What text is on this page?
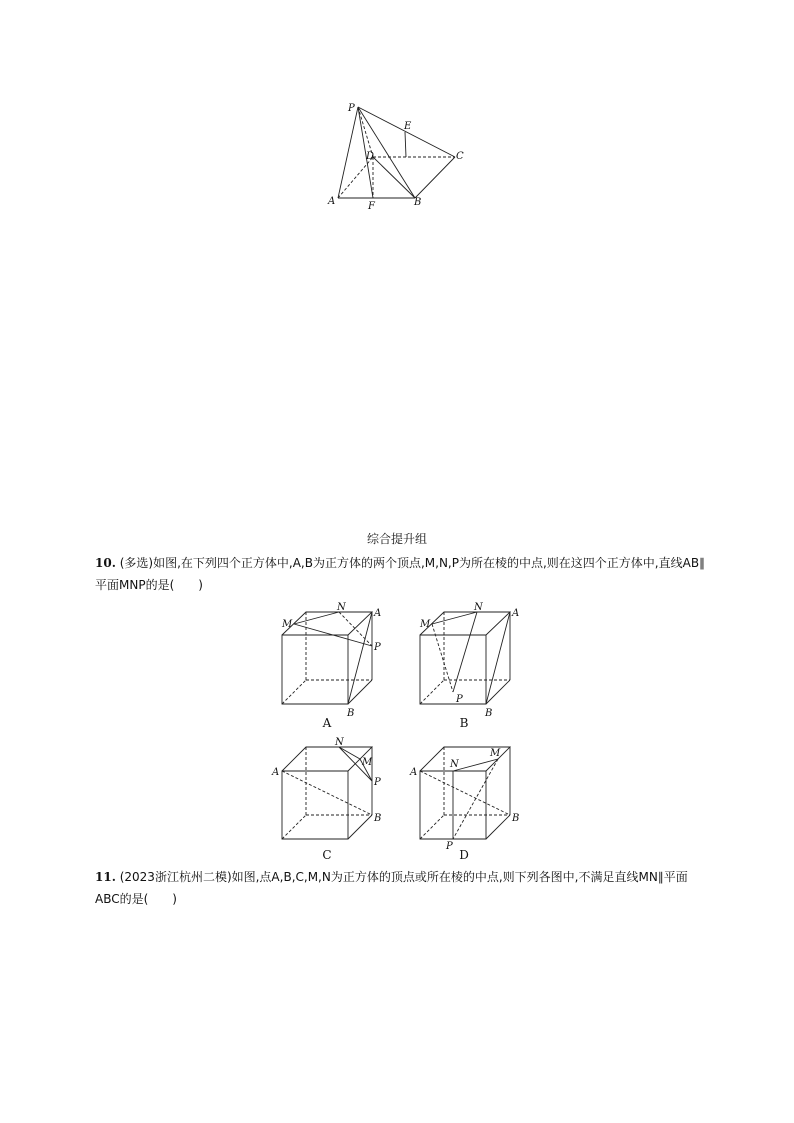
P
E
D	C
A	F	B
综合提升组
10. (多选)如图,在下列四个正方体中,A,B为正方体的两个顶点,M,N,P为所在棱的中点,则在这四个正方体中,直线AB∥平面MNP的是(　　)
M
N
A
P
B
A
M
N
A
P
B
B
N
A
M
P
B
C
A
N
M
P
B
D
11. (2023浙江杭州二模)如图,点A,B,C,M,N为正方体的顶点或所在棱的中点,则下列各图中,不满足直线MN∥平面ABC的是(　　)
